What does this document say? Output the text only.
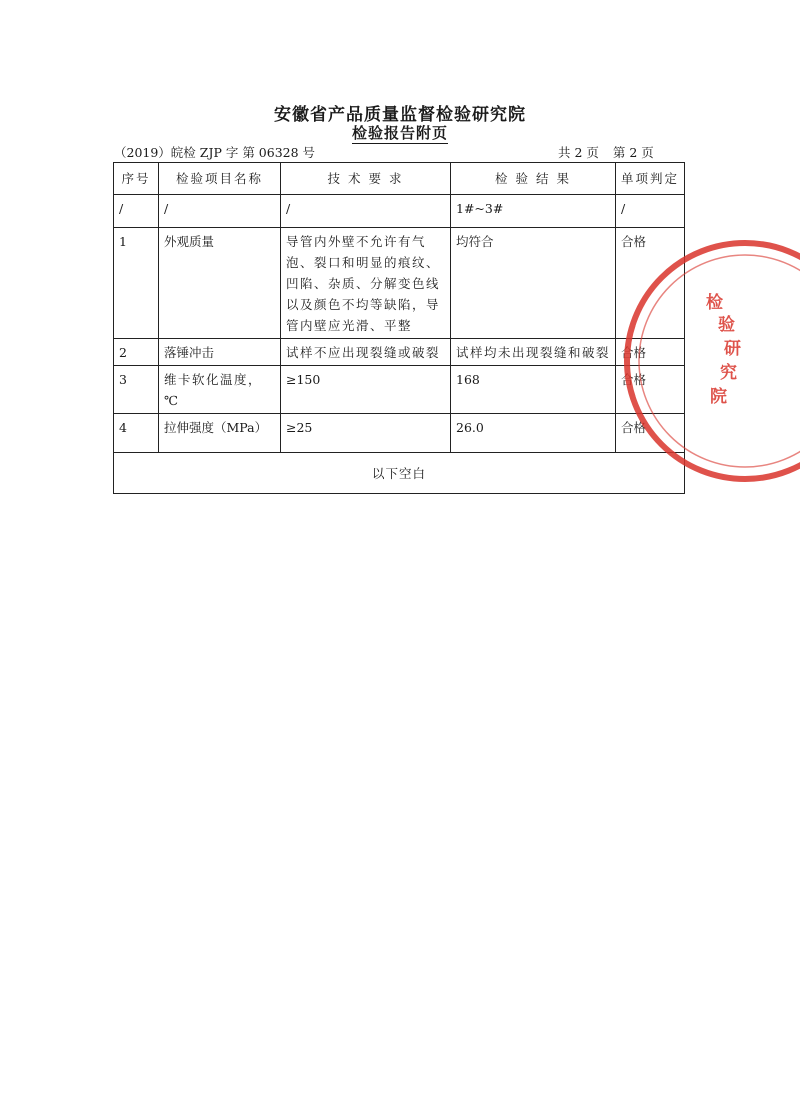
安徽省产品质量监督检验研究院
检验报告附页
（2019）皖检 ZJP 字 第 06328 号	共 2 页 第 2 页
序号	检验项目名称	技 术 要 求	检 验 结 果	单项判定
/	/	/	1#~3#	/
1	外观质量	导管内外壁不允许有气泡、裂口和明显的痕纹、凹陷、杂质、分解变色线以及颜色不均等缺陷，导管内壁应光滑、平整	均符合	合格
2	落锤冲击	试样不应出现裂缝或破裂	试样均未出现裂缝和破裂	合格
3	维卡软化温度，℃	≥150	168	合格
4	拉伸强度（MPa）	≥25	26.0	合格
以下空白				
检 验 研 究 院
